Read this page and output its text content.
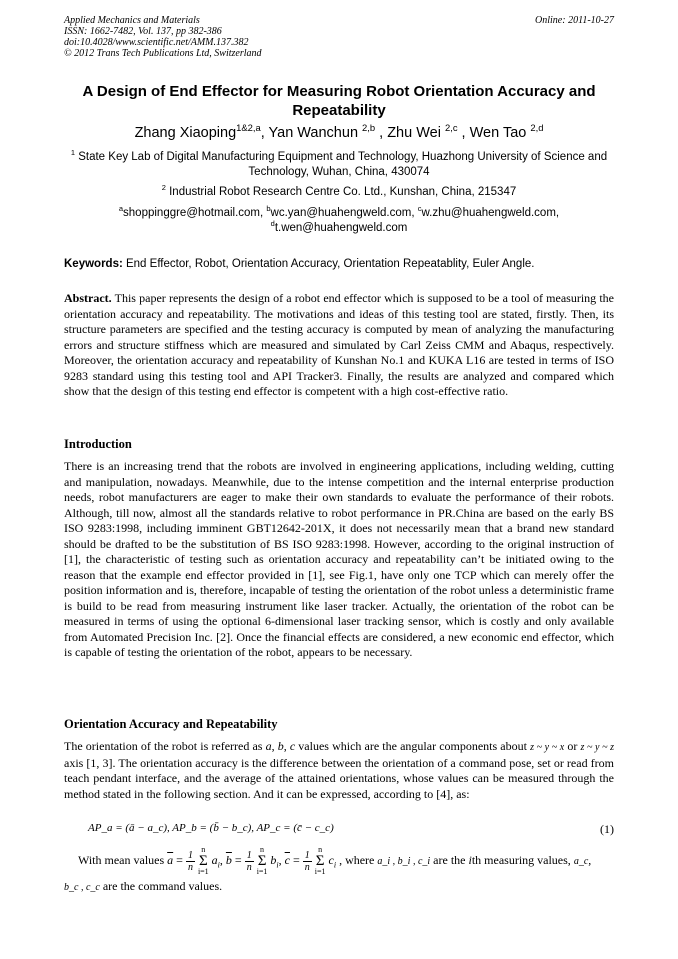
Applied Mechanics and Materials
ISSN: 1662-7482, Vol. 137, pp 382-386
doi:10.4028/www.scientific.net/AMM.137.382
© 2012 Trans Tech Publications Ltd, Switzerland
Online: 2011-10-27
A Design of End Effector for Measuring Robot Orientation Accuracy and Repeatability
Zhang Xiaoping$^{1\&2,a}$, Yan Wanchun $^{2,b}$ , Zhu Wei $^{2,c}$ , Wen Tao $^{2,d}$
$^1$ State Key Lab of Digital Manufacturing Equipment and Technology, Huazhong University of Science and Technology, Wuhan, China, 430074
$^2$ Industrial Robot Research Centre Co. Ltd., Kunshan, China, 215347
$^a$shoppinggre@hotmail.com, $^b$wc.yan@huahengweld.com, $^c$w.zhu@huahengweld.com,
$^d$t.wen@huahengweld.com
Keywords: End Effector, Robot, Orientation Accuracy, Orientation Repeatablity, Euler Angle.
Abstract. This paper represents the design of a robot end effector which is supposed to be a tool of measuring the orientation accuracy and repeatability. The motivations and ideas of this testing tool are stated, firstly. Then, its structure parameters are specified and the testing accuracy is computed by mean of analyzing the manufacturing errors and structure stiffness which are measured and simulated by Carl Zeiss CMM and Abaqus, respectively. Moreover, the orientation accuracy and repeatability of Kunshan No.1 and KUKA L16 are tested in terms of ISO 9283 standard using this testing tool and API Tracker3. Finally, the results are analyzed and compared which show that the design of this testing end effector is competent with a high cost-effective ratio.
Introduction
There is an increasing trend that the robots are involved in engineering applications, including welding, cutting and manipulation, nowadays. Meanwhile, due to the intense competition and the internal enterprise production needs, robot manufacturers are eager to make their own standards to evaluate the performance of their robots. Although, till now, almost all the standards relative to robot performance in PR.China are based on the early BS ISO 9283:1998, including imminent GBT12642-201X, it does not necessarily mean that a brand new standard should be drafted to be the substitution of BS ISO 9283:1998. However, according to the original instruction of [1], the characteristic of testing such as orientation accuracy and repeatability can’t be initiated owing to the reason that the example end effector provided in [1], see Fig.1, have only one TCP which can merely offer the position information and is, therefore, incapable of testing the orientation of the robot unless a deterministic frame is build to be read from measuring instrument like laser tracker. Actually, the orientation of the robot can be measured in terms of using the optional 6-dimensional laser tracking sensor, which is costly and only available from Automated Precision Inc. [2]. Once the financial effects are considered, a new economic end effector, which is capable of testing the orientation of the robot, appears to be necessary.
Orientation Accuracy and Repeatability
The orientation of the robot is referred as a, b, c values which are the angular components about z ~ y ~ x or z ~ y ~ z axis [1, 3]. The orientation accuracy is the difference between the orientation of a command pose, set or read from teach pendant interface, and the average of the attained orientations, whose values can be measured through the method stated in the following section. And it can be expressed, according to [4], as:
AP_a = (ā − a_c), AP_b = (b̄ − b_c), AP_c = (c̄ − c_c)	(1)
With mean values $\overline{a} = \frac{1}{n}$ n
Σ
i=1 $a_i$, $\overline{b} = \frac{1}{n}$ n
Σ
i=1 $b_i$, $\overline{c} = \frac{1}{n}$ n
Σ
i=1 $c_i$ , where a_i , b_i , c_i are the ith measuring values, a_c,
b_c , c_c are the command values.
